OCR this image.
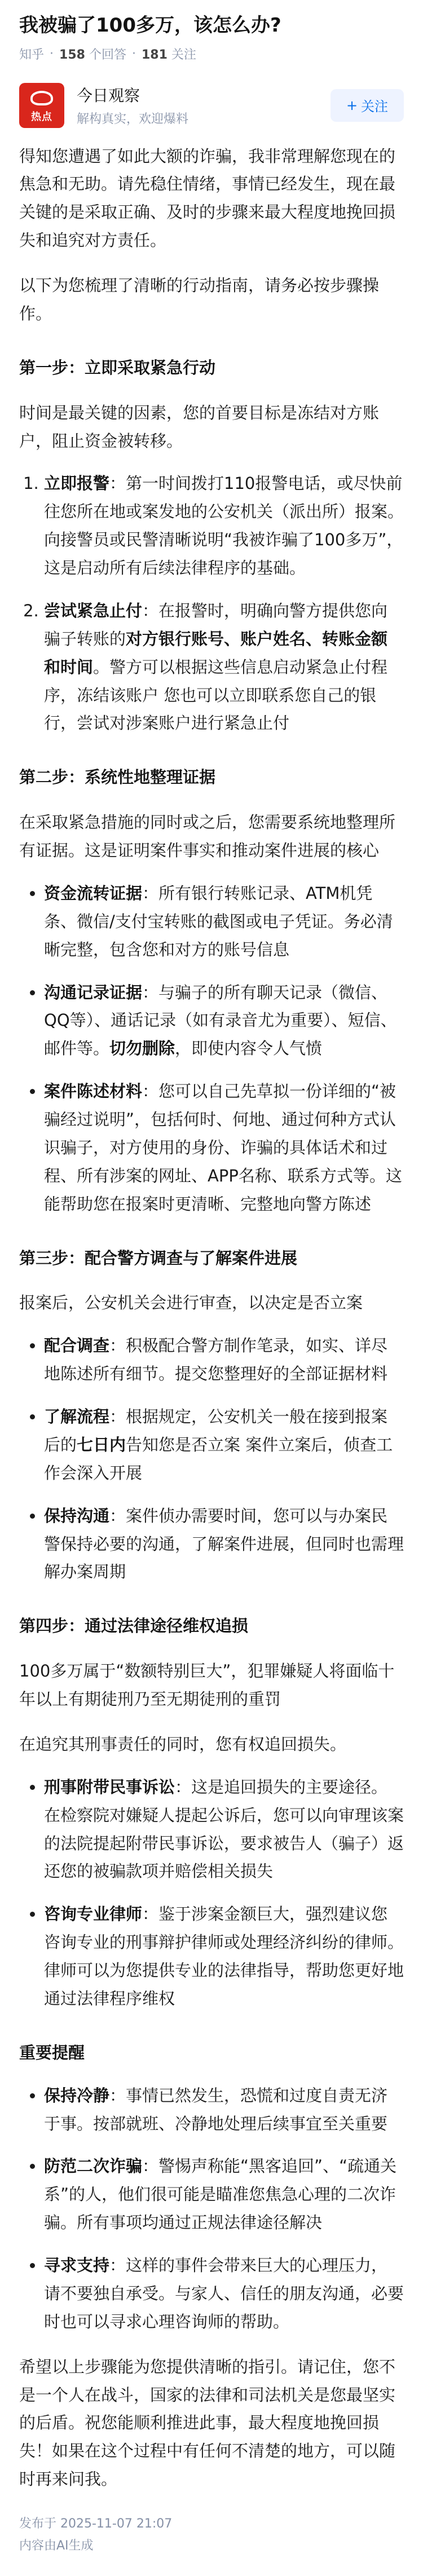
我被骗了100多万，该怎么办?
知乎 · 158 个回答 · 181 关注
热点
今日观察
解构真实，欢迎爆料
+ 关注

得知您遭遇了如此大额的诈骗，我非常理解您现在的焦急和无助。请先稳住情绪，事情已经发生，现在最关键的是采取正确、及时的步骤来最大程度地挽回损失和追究对方责任。

以下为您梳理了清晰的行动指南，请务必按步骤操作。

第一步：立即采取紧急行动

时间是最关键的因素，您的首要目标是冻结对方账户，阻止资金被转移。

1. 立即报警：第一时间拨打110报警电话，或尽快前往您所在地或案发地的公安机关（派出所）报案。向接警员或民警清晰说明“我被诈骗了100多万”，这是启动所有后续法律程序的基础。
2. 尝试紧急止付：在报警时，明确向警方提供您向骗子转账的对方银行账号、账户姓名、转账金额和时间。警方可以根据这些信息启动紧急止付程序，冻结该账户 您也可以立即联系您自己的银行，尝试对涉案账户进行紧急止付
第二步：系统性地整理证据

在采取紧急措施的同时或之后，您需要系统地整理所有证据。这是证明案件事实和推动案件进展的核心

• 资金流转证据：所有银行转账记录、ATM机凭条、微信/支付宝转账的截图或电子凭证。务必清晰完整，包含您和对方的账号信息
• 沟通记录证据：与骗子的所有聊天记录（微信、QQ等）、通话记录（如有录音尤为重要）、短信、邮件等。切勿删除，即使内容令人气愤
• 案件陈述材料：您可以自己先草拟一份详细的“被骗经过说明”，包括何时、何地、通过何种方式认识骗子，对方使用的身份、诈骗的具体话术和过程、所有涉案的网址、APP名称、联系方式等。这能帮助您在报案时更清晰、完整地向警方陈述
第三步：配合警方调查与了解案件进展

报案后，公安机关会进行审查，以决定是否立案

• 配合调查：积极配合警方制作笔录，如实、详尽地陈述所有细节。提交您整理好的全部证据材料
• 了解流程：根据规定，公安机关一般在接到报案后的七日内告知您是否立案 案件立案后，侦查工作会深入开展
• 保持沟通：案件侦办需要时间，您可以与办案民警保持必要的沟通，了解案件进展，但同时也需理解办案周期
第四步：通过法律途径维权追损

100多万属于“数额特别巨大”，犯罪嫌疑人将面临十年以上有期徒刑乃至无期徒刑的重罚

在追究其刑事责任的同时，您有权追回损失。

• 刑事附带民事诉讼：这是追回损失的主要途径。在检察院对嫌疑人提起公诉后，您可以向审理该案的法院提起附带民事诉讼，要求被告人（骗子）返还您的被骗款项并赔偿相关损失
• 咨询专业律师：鉴于涉案金额巨大，强烈建议您咨询专业的刑事辩护律师或处理经济纠纷的律师。律师可以为您提供专业的法律指导，帮助您更好地通过法律程序维权
重要提醒
• 保持冷静：事情已然发生，恐慌和过度自责无济于事。按部就班、冷静地处理后续事宜至关重要
• 防范二次诈骗：警惕声称能“黑客追回”、“疏通关系”的人，他们很可能是瞄准您焦急心理的二次诈骗。所有事项均通过正规法律途径解决
• 寻求支持：这样的事件会带来巨大的心理压力，请不要独自承受。与家人、信任的朋友沟通，必要时也可以寻求心理咨询师的帮助。

希望以上步骤能为您提供清晰的指引。请记住，您不是一个人在战斗，国家的法律和司法机关是您最坚实的后盾。祝您能顺利推进此事，最大程度地挽回损失！如果在这个过程中有任何不清楚的地方，可以随时再来问我。

发布于 2025-11-07 21:07
内容由AI生成
